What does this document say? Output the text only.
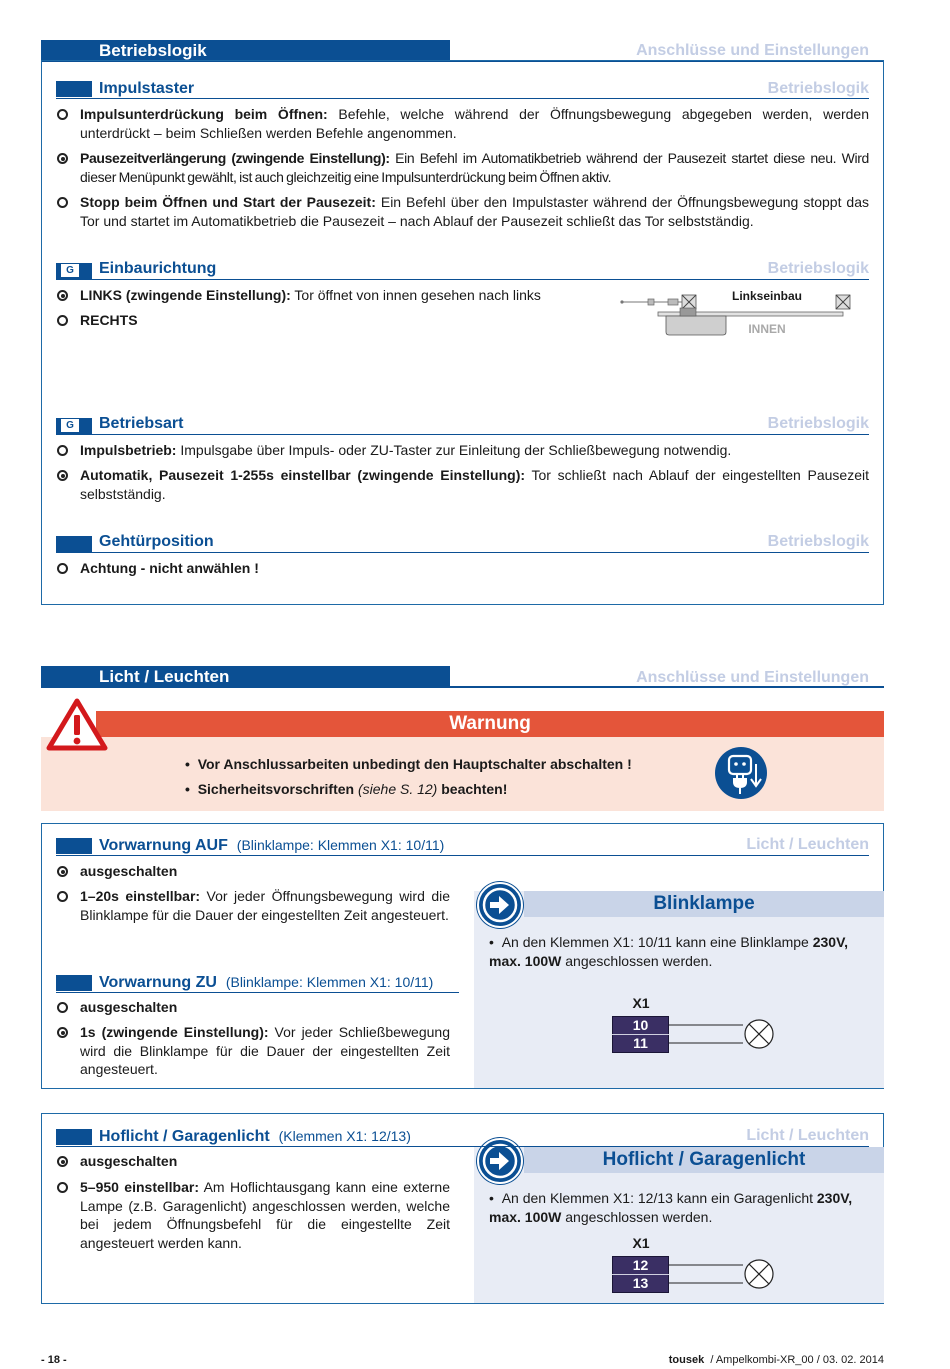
Betriebslogik	Anschlüsse und Einstellungen
Impulstaster	Betriebslogik
Impulsunterdrückung beim Öffnen: Befehle, welche während der Öffnungsbewegung abgegeben werden, werden unterdrückt – beim Schließen werden Befehle angenommen.
Pausezeitverlängerung (zwingende Einstellung): Ein Befehl im Automatikbetrieb während der Pausezeit startet diese neu. Wird dieser Menüpunkt gewählt, ist auch gleichzeitig eine Impulsunterdrückung beim Öffnen aktiv.
Stopp beim Öffnen und Start der Pausezeit: Ein Befehl über den Impulstaster während der Öffnungsbewegung stoppt das Tor und startet im Automatikbetrieb die Pausezeit – nach Ablauf der Pausezeit schließt das Tor selbstständig.
G	Einbaurichtung	Betriebslogik
LINKS (zwingende Einstellung): Tor öffnet von innen gesehen nach links
RECHTS
Linkseinbau
INNEN
G	Betriebsart	Betriebslogik
Impulsbetrieb: Impulsgabe über Impuls- oder ZU-Taster zur Einleitung der Schließbewegung notwendig.
Automatik, Pausezeit 1-255s einstellbar (zwingende Einstellung): Tor schließt nach Ablauf der eingestellten Pausezeit selbstständig.
Gehtürposition	Betriebslogik
Achtung - nicht anwählen !
Licht / Leuchten	Anschlüsse und Einstellungen
Warnung
•  Vor Anschlussarbeiten unbedingt den Hauptschalter abschalten !
•  Sicherheitsvorschriften (siehe S. 12) beachten!
Blinklampe
•  An den Klemmen X1: 10/11 kann eine Blinklampe 230V, max. 100W angeschlossen werden.
X1
10
11
Vorwarnung AUF (Blinklampe: Klemmen X1: 10/11)	Licht / Leuchten
ausgeschalten
1–20s einstellbar: Vor jeder Öffnungsbewegung wird die Blinklampe für die Dauer der eingestellten Zeit angesteuert.
Vorwarnung ZU (Blinklampe: Klemmen X1: 10/11)
ausgeschalten
1s (zwingende Einstellung): Vor jeder Schließbewegung wird die Blinklampe für die Dauer der eingestellten Zeit angesteuert.
Hoflicht / Garagenlicht
•  An den Klemmen X1: 12/13 kann ein Garagenlicht 230V, max. 100W angeschlossen werden.
X1
12
13
Hoflicht / Garagenlicht (Klemmen X1: 12/13)	Licht / Leuchten
ausgeschalten
5–950 einstellbar: Am Hoflichtausgang kann eine externe Lampe (z.B. Garagenlicht) angeschlossen werden, welche bei jedem Öffnungsbefehl für die eingestellte Zeit angesteuert werden kann.
- 18 -	tousek / Ampelkombi-XR_00 / 03. 02. 2014
